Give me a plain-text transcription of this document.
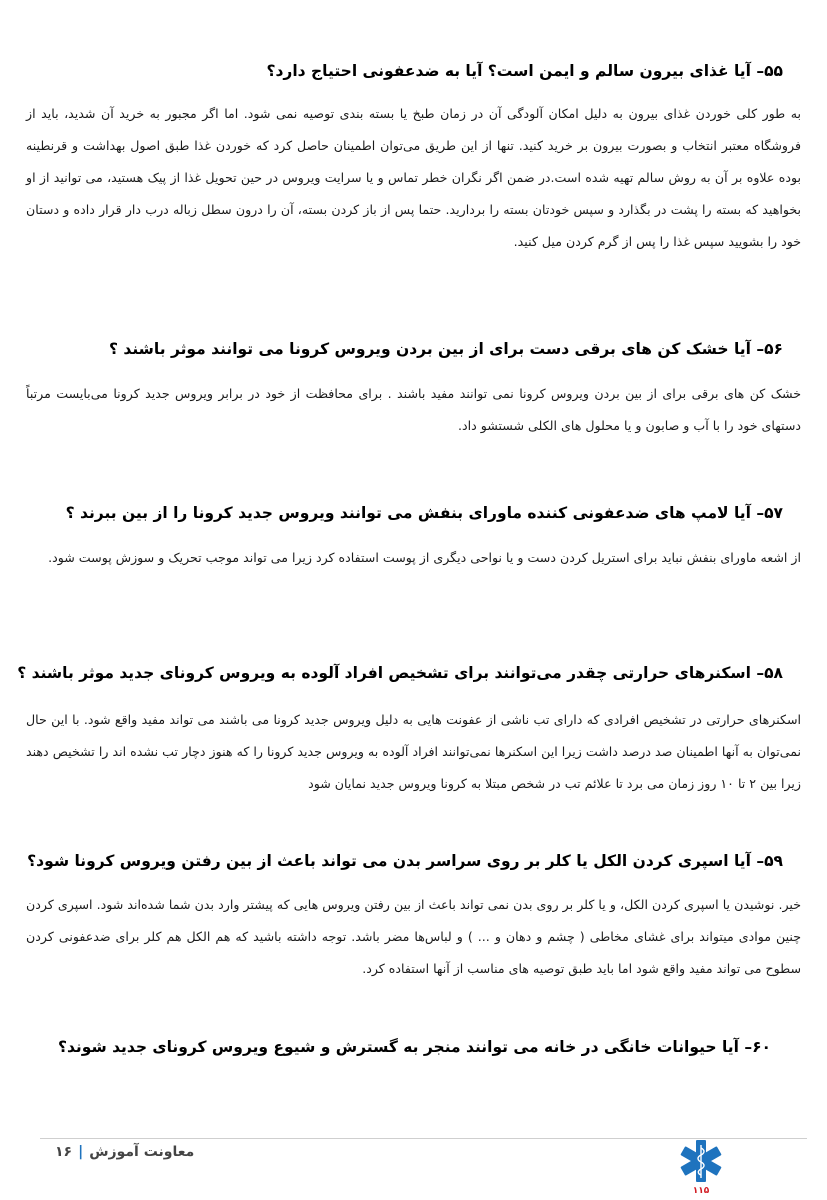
۵۵– آیا غذای بیرون سالم و ایمن است؟ آیا به ضدعفونی احتیاج دارد؟
به طور کلی خوردن غذای بیرون به دلیل امکان آلودگی آن در زمان طبخ یا بسته بندی توصیه نمی شود. اما اگر مجبور به خرید آن شدید، باید از فروشگاه معتبر انتخاب و بصورت بیرون بر خرید کنید. تنها از این طریق می‌توان اطمینان حاصل کرد که خوردن غذا طبق اصول بهداشت و قرنطینه بوده علاوه بر آن به روش سالم تهیه شده است.در ضمن اگر نگران خطر تماس و یا سرایت ویروس در حین تحویل غذا از پیک هستید، می توانید از او بخواهید که بسته را پشت در بگذارد و سپس خودتان بسته را بردارید. حتما پس از باز کردن بسته، آن را درون سطل زباله درب دار قرار داده و دستان خود را بشویید سپس غذا را پس از گرم کردن میل کنید.
۵۶– آیا خشک کن های برقی دست برای از بین بردن ویروس کرونا می توانند موثر باشند ؟
خشک کن های برقی برای از بین بردن ویروس کرونا نمی توانند مفید باشند . برای محافظت از خود در برابر ویروس جدید کرونا می‌بایست مرتباً دستهای خود را با آب و صابون و یا محلول های الکلی شستشو داد.
۵۷– آیا لامپ های ضدعفونی کننده ماورای بنفش می توانند ویروس جدید کرونا را از بین ببرند ؟
از اشعه ماورای بنفش نباید برای استریل کردن دست و یا نواحی دیگری از پوست استفاده کرد زیرا می تواند موجب تحریک و سوزش پوست شود.
۵۸– اسکنرهای حرارتی چقدر می‌توانند برای تشخیص افراد آلوده به ویروس کرونای جدید موثر باشند ؟
اسکنرهای حرارتی در تشخیص افرادی که دارای تب ناشی از عفونت هایی به دلیل ویروس جدید کرونا می باشند می تواند مفید واقع شود. با این حال نمی‌توان به آنها اطمینان صد درصد داشت زیرا این اسکنرها نمی‌توانند افراد آلوده به ویروس جدید کرونا را که هنوز دچار تب نشده اند را تشخیص دهند زیرا بین ۲ تا ۱۰ روز زمان می برد تا علائم تب در شخص مبتلا به کرونا ویروس جدید نمایان شود
۵۹– آیا اسپری کردن الکل یا کلر بر روی سراسر بدن می تواند باعث از بین رفتن ویروس کرونا شود؟
خیر. نوشیدن یا اسپری کردن الکل، و یا کلر بر روی بدن نمی تواند باعث از بین رفتن ویروس هایی که پیشتر وارد بدن شما شده‌اند شود. اسپری کردن چنین موادی میتواند برای غشای مخاطی ( چشم و دهان و ... ) و لباس‌ها مضر باشد. توجه داشته باشید که هم الکل هم کلر برای ضدعفونی کردن سطوح می تواند مفید واقع شود اما باید طبق توصیه های مناسب از آنها استفاده کرد.
۶۰– آیا حیوانات خانگی در خانه می توانند منجر به گسترش و شیوع ویروس کرونای جدید شوند؟
معاونت آموزش|۱۶
۱۱۵
